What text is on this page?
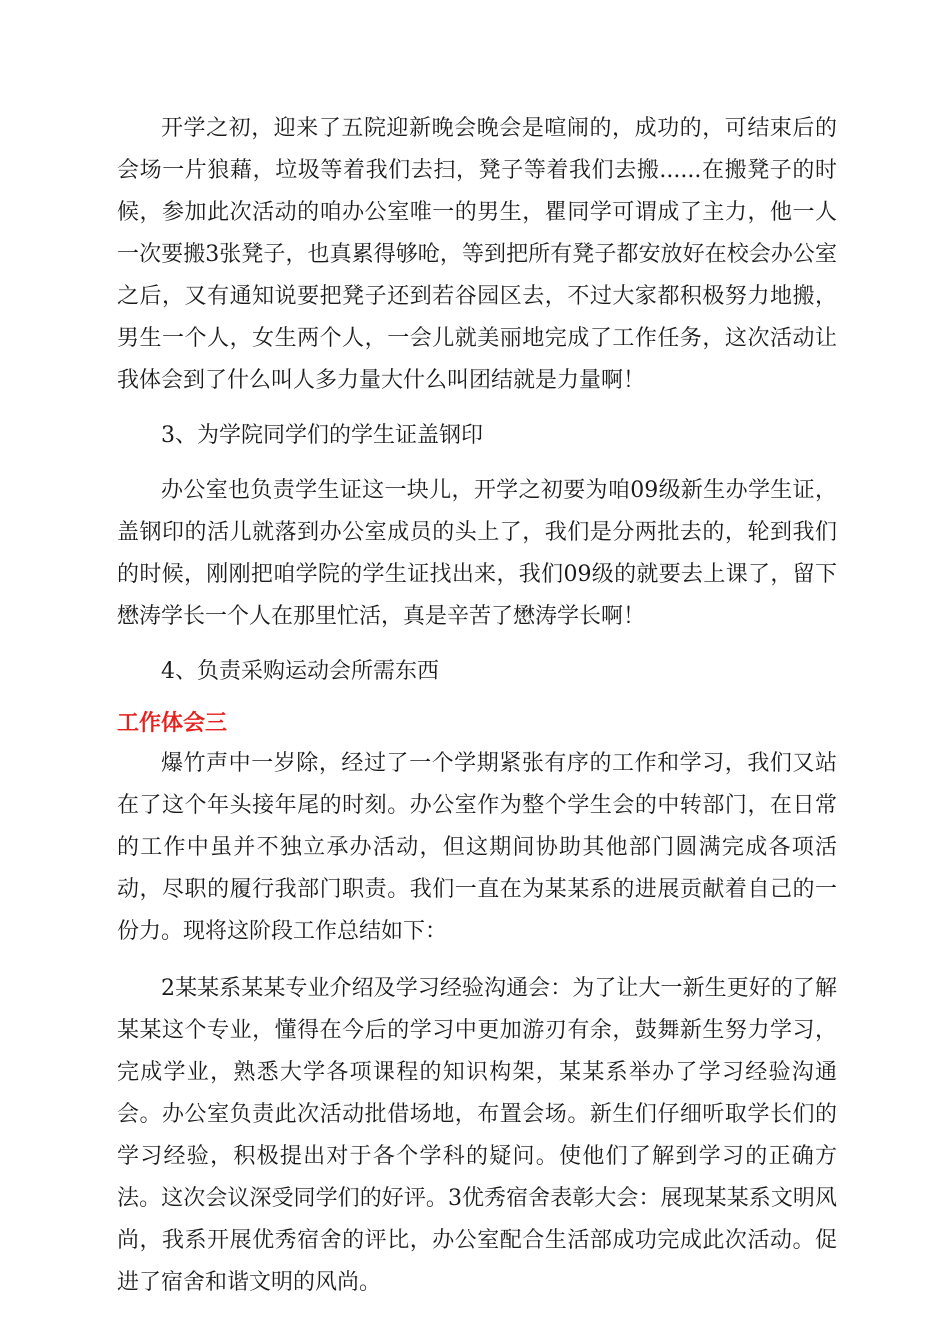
开学之初，迎来了五院迎新晚会晚会是喧闹的，成功的，可结束后的会场一片狼藉，垃圾等着我们去扫，凳子等着我们去搬......在搬凳子的时候，参加此次活动的咱办公室唯一的男生，瞿同学可谓成了主力，他一人一次要搬3张凳子，也真累得够呛，等到把所有凳子都安放好在校会办公室之后，又有通知说要把凳子还到若谷园区去，不过大家都积极努力地搬，男生一个人，女生两个人，一会儿就美丽地完成了工作任务，这次活动让我体会到了什么叫人多力量大什么叫团结就是力量啊！

3、为学院同学们的学生证盖钢印

办公室也负责学生证这一块儿，开学之初要为咱09级新生办学生证，盖钢印的活儿就落到办公室成员的头上了，我们是分两批去的，轮到我们的时候，刚刚把咱学院的学生证找出来，我们09级的就要去上课了，留下懋涛学长一个人在那里忙活，真是辛苦了懋涛学长啊！

4、负责采购运动会所需东西

工作体会三

爆竹声中一岁除，经过了一个学期紧张有序的工作和学习，我们又站在了这个年头接年尾的时刻。办公室作为整个学生会的中转部门，在日常的工作中虽并不独立承办活动，但这期间协助其他部门圆满完成各项活动，尽职的履行我部门职责。我们一直在为某某系的进展贡献着自己的一份力。现将这阶段工作总结如下：

2某某系某某专业介绍及学习经验沟通会：为了让大一新生更好的了解某某这个专业，懂得在今后的学习中更加游刃有余，鼓舞新生努力学习，完成学业，熟悉大学各项课程的知识构架，某某系举办了学习经验沟通会。办公室负责此次活动批借场地，布置会场。新生们仔细听取学长们的学习经验，积极提出对于各个学科的疑问。使他们了解到学习的正确方法。这次会议深受同学们的好评。3优秀宿舍表彰大会：展现某某系文明风尚，我系开展优秀宿舍的评比，办公室配合生活部成功完成此次活动。促进了宿舍和谐文明的风尚。
